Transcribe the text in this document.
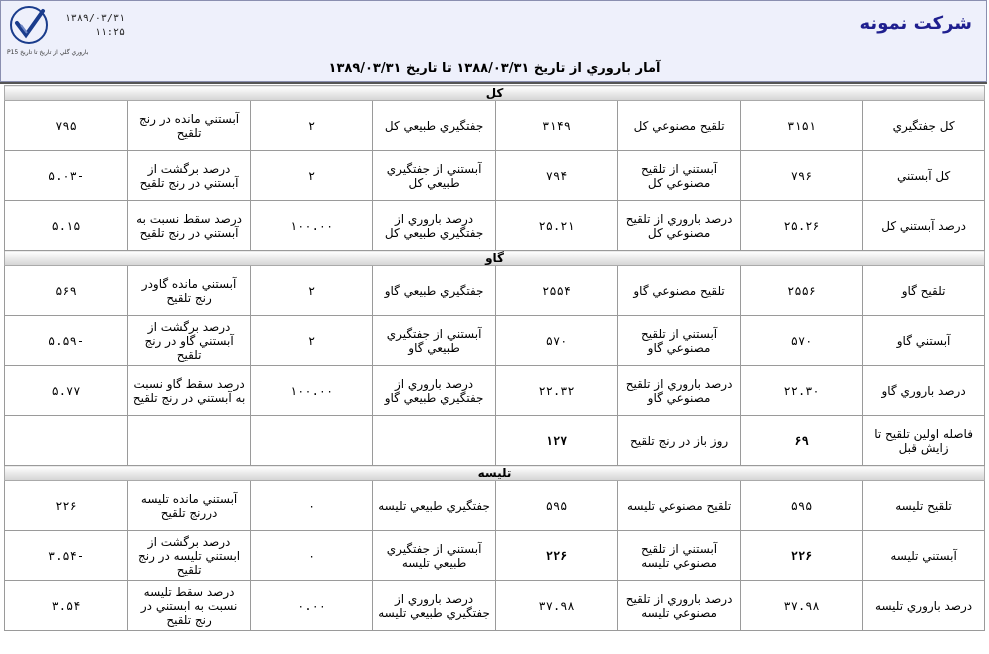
۱۳۸۹/۰۳/۳۱
۱۱:۲۵
باروري گلي از تاريخ تا تاريخ P15
شرکت نمونه
آمار باروري از تاريخ ۱۳۸۸/۰۳/۳۱ تا تاريخ ۱۳۸۹/۰۳/۳۱
کل							
کل جفتگيري	۳۱۵۱	تلقيح مصنوعي کل	۳۱۴۹	جفتگيري طبيعي کل	۲	آبستني مانده در رنج تلقيح	۷۹۵
کل آبستني	۷۹۶	آبستني از تلقيح مصنوعي کل	۷۹۴	آبستني از جفتگيري طبيعي کل	۲	درصد برگشت از آبستني در رنج تلقيح	-۵.۰۳
درصد آبستني کل	۲۵.۲۶	درصد باروري از تلقيح مصنوعي کل	۲۵.۲۱	درصد باروري از جفتگيري طبيعي کل	۱۰۰.۰۰	درصد سقط نسبت به آبستني در رنج تلقيح	۵.۱۵
گاو							
تلقيح گاو	۲۵۵۶	تلقيح مصنوعي گاو	۲۵۵۴	جفتگيري طبيعي گاو	۲	آبستني مانده گاودر رنج تلقيح	۵۶۹
آبستني گاو	۵۷۰	آبستني از تلقيح مصنوعي گاو	۵۷۰	آبستني از جفتگيري طبيعي گاو	۲	درصد برگشت از آبستني گاو در رنج تلقيح	-۵.۵۹
درصد باروري گاو	۲۲.۳۰	درصد باروري از تلقيح مصنوعي گاو	۲۲.۳۲	درصد باروري از جفتگيري طبيعي گاو	۱۰۰.۰۰	درصد سقط گاو نسبت به آبستني در رنج تلقيح	۵.۷۷
فاصله اولين تلقيح تا زايش قبل	۶۹	روز باز در رنج تلقيح	۱۲۷				
تليسه							
تلقيح تليسه	۵۹۵	تلقيح مصنوعي تليسه	۵۹۵	جفتگيري طبيعي تليسه	۰	آبستني مانده تليسه دررنج تلقيح	۲۲۶
آبستني تليسه	۲۲۶	آبستني از تلقيح مصنوعي تليسه	۲۲۶	آبستني از جفتگيري طبيعي تليسه	۰	درصد برگشت از ابستني تليسه در رنج تلقيح	-۳.۵۴
درصد باروري تليسه	۳۷.۹۸	درصد باروري از تلقيح مصنوعي تليسه	۳۷.۹۸	درصد باروري از جفتگيري طبيعي تليسه	۰.۰۰	درصد سقط تليسه نسبت به ابستني در رنج تلقيح	۳.۵۴
